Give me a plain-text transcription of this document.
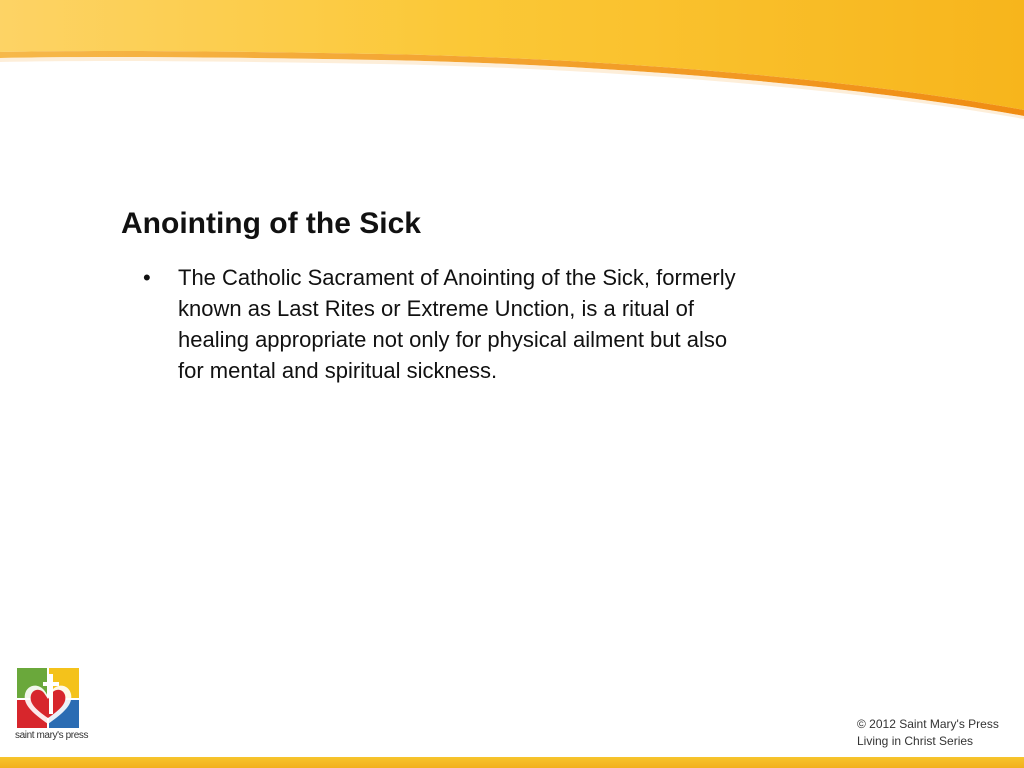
Anointing of the Sick
• The Catholic Sacrament of Anointing of the Sick, formerly known as Last Rites or Extreme Unction, is a ritual of healing appropriate not only for physical ailment but also for mental and spiritual sickness.
saint mary's press
© 2012 Saint Mary's Press
Living in Christ Series
